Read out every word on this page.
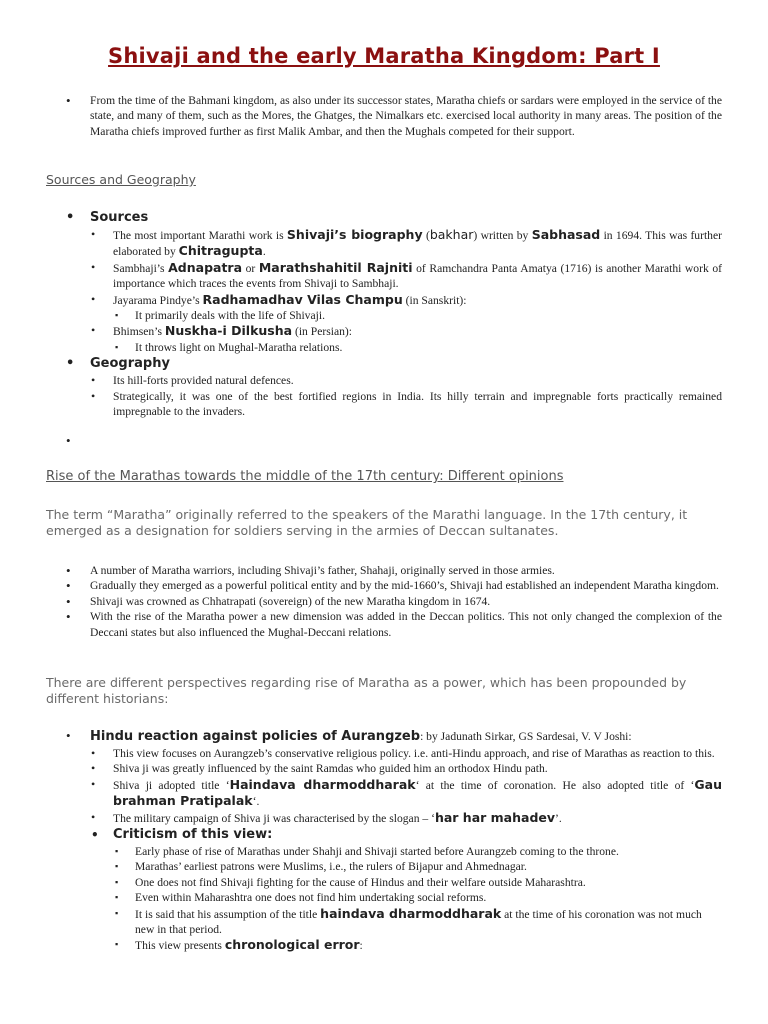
Shivaji and the early Maratha Kingdom: Part I
• From the time of the Bahmani kingdom, as also under its successor states, Maratha chiefs or sardars were employed in the service of the state, and many of them, such as the Mores, the Ghatges, the Nimalkars etc. exercised local authority in many areas. The position of the Maratha chiefs improved further as first Malik Ambar, and then the Mughals competed for their support.
Sources and Geography
• Sources
• The most important Marathi work is Shivaji’s biography (bakhar) written by Sabhasad in 1694. This was further elaborated by Chitragupta.
• Sambhaji’s Adnapatra or Marathshahitil Rajniti of Ramchandra Panta Amatya (1716) is another Marathi work of importance which traces the events from Shivaji to Sambhaji.
• Jayarama Pindye’s Radhamadhav Vilas Champu (in Sanskrit):
▪ It primarily deals with the life of Shivaji.
• Bhimsen’s Nuskha-i Dilkusha (in Persian):
▪ It throws light on Mughal-Maratha relations.
• Geography
• Its hill-forts provided natural defences.
• Strategically, it was one of the best fortified regions in India. Its hilly terrain and impregnable forts practically remained impregnable to the invaders.
•
Rise of the Marathas towards the middle of the 17th century: Different opinions
The term “Maratha” originally referred to the speakers of the Marathi language. In the 17th century, it emerged as a designation for soldiers serving in the armies of Deccan sultanates.
• A number of Maratha warriors, including Shivaji’s father, Shahaji, originally served in those armies.
• Gradually they emerged as a powerful political entity and by the mid-1660’s, Shivaji had established an independent Maratha kingdom.
• Shivaji was crowned as Chhatrapati (sovereign) of the new Maratha kingdom in 1674.
• With the rise of the Maratha power a new dimension was added in the Deccan politics. This not only changed the complexion of the Deccani states but also influenced the Mughal-Deccani relations.
There are different perspectives regarding rise of Maratha as a power, which has been propounded by different historians:
• Hindu reaction against policies of Aurangzeb: by Jadunath Sirkar, GS Sardesai, V. V Joshi:
• This view focuses on Aurangzeb’s conservative religious policy. i.e. anti-Hindu approach, and rise of Marathas as reaction to this.
• Shiva ji was greatly influenced by the saint Ramdas who guided him an orthodox Hindu path.
• Shiva ji adopted title ‘Haindava dharmoddharak‘ at the time of coronation. He also adopted title of ‘Gau brahman Pratipalak‘.
• The military campaign of Shiva ji was characterised by the slogan – ‘har har mahadev’.
• Criticism of this view:
▪ Early phase of rise of Marathas under Shahji and Shivaji started before Aurangzeb coming to the throne.
▪ Marathas’ earliest patrons were Muslims, i.e., the rulers of Bijapur and Ahmednagar.
▪ One does not find Shivaji fighting for the cause of Hindus and their welfare outside Maharashtra.
▪ Even within Maharashtra one does not find him undertaking social reforms.
▪ It is said that his assumption of the title haindava dharmoddharak at the time of his coronation was not much new in that period.
▪ This view presents chronological error:
